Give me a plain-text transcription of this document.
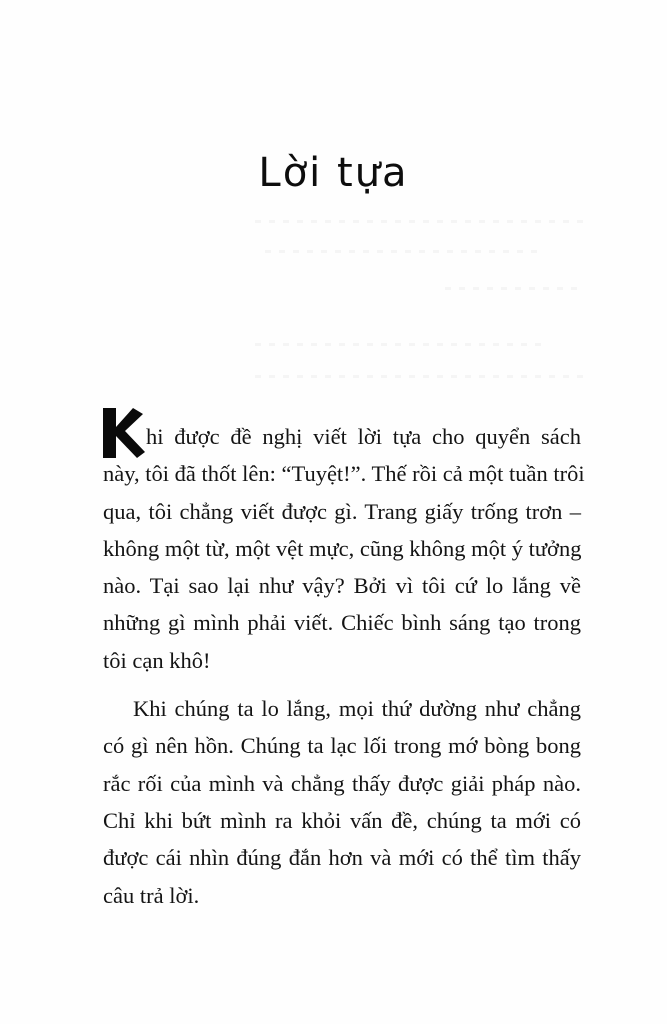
Lời tựa

hi được đề nghị viết lời tựa cho quyển sách
này, tôi đã thốt lên: “Tuyệt!”. Thế rồi cả một tuần trôi
qua, tôi chẳng viết được gì. Trang giấy trống trơn –
không một từ, một vệt mực, cũng không một ý tưởng
nào. Tại sao lại như vậy? Bởi vì tôi cứ lo lắng về
những gì mình phải viết. Chiếc bình sáng tạo trong
tôi cạn khô!

Khi chúng ta lo lắng, mọi thứ dường như chẳng
có gì nên hồn. Chúng ta lạc lối trong mớ bòng bong
rắc rối của mình và chẳng thấy được giải pháp nào.
Chỉ khi bứt mình ra khỏi vấn đề, chúng ta mới có
được cái nhìn đúng đắn hơn và mới có thể tìm thấy
câu trả lời.
